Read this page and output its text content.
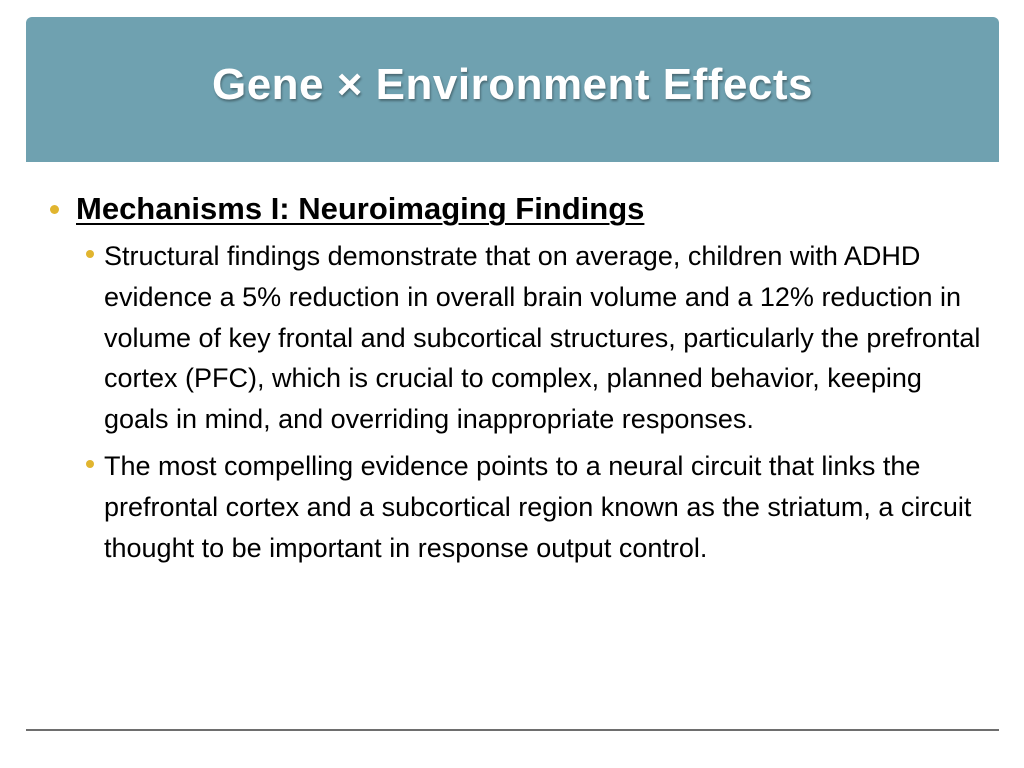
Gene × Environment Effects
Mechanisms I: Neuroimaging Findings
Structural findings demonstrate that on average, children with ADHD evidence a 5% reduction in overall brain volume and a 12% reduction in volume of key frontal and subcortical structures, particularly the prefrontal cortex (PFC), which is crucial to complex, planned behavior, keeping goals in mind, and overriding inappropriate responses.
The most compelling evidence points to a neural circuit that links the prefrontal cortex and a subcortical region known as the striatum, a circuit thought to be important in response output control.
